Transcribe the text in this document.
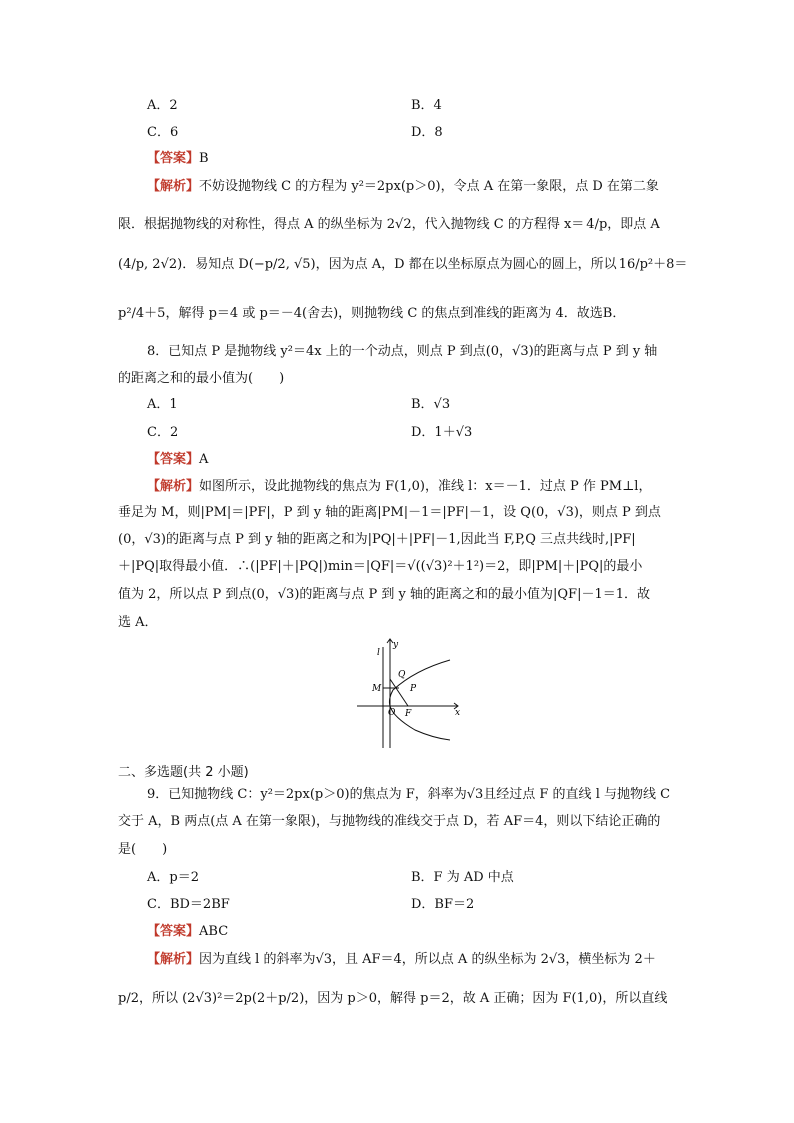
A．2	B．4
C．6	D．8
【答案】B
【解析】不妨设抛物线 C 的方程为 y²＝2px(p＞0)，令点 A 在第一象限，点 D 在第二象
限．根据抛物线的对称性，得点 A 的纵坐标为 2√2，代入抛物线 C 的方程得 x＝ 4/p，即点 A
(4/p, 2√2)．易知点 D(−p/2, √5)，因为点 A，D 都在以坐标原点为圆心的圆上，所以 16/p²＋8＝
p²/4＋5，解得 p＝4 或 p＝－4(舍去)，则抛物线 C 的焦点到准线的距离为 4．故选B．
8．已知点 P 是抛物线 y²＝4x 上的一个动点，则点 P 到点(0，√3)的距离与点 P 到 y 轴
的距离之和的最小值为(　　)
A．1	B．√3
C．2	D．1＋√3
【答案】A
【解析】如图所示，设此抛物线的焦点为 F(1,0)，准线 l：x＝－1．过点 P 作 PM⊥l，
垂足为 M，则|PM|＝|PF|，P 到 y 轴的距离|PM|－1＝|PF|－1，设 Q(0，√3)，则点 P 到点
(0，√3)的距离与点 P 到 y 轴的距离之和为|PQ|＋|PF|－1,因此当 F,P,Q 三点共线时,|PF|
＋|PQ|取得最小值．∴(|PF|＋|PQ|)min＝|QF|＝√((√3)²＋1²)＝2，即|PM|＋|PQ|的最小
值为 2，所以点 P 到点(0，√3)的距离与点 P 到 y 轴的距离之和的最小值为|QF|－1＝1．故
选 A．
l
y
Q
M	P
O F	x
二、多选题(共 2 小题)
9．已知抛物线 C：y²＝2px(p＞0)的焦点为 F，斜率为√3且经过点 F 的直线 l 与抛物线 C
交于 A，B 两点(点 A 在第一象限)，与抛物线的准线交于点 D，若 AF＝4，则以下结论正确的
是(　　)
A．p＝2	B．F 为 AD 中点
C．BD＝2BF	D．BF＝2
【答案】ABC
【解析】因为直线 l 的斜率为√3，且 AF＝4，所以点 A 的纵坐标为 2√3，横坐标为 2＋
p/2，所以 (2√3)²＝2p(2＋p/2)，因为 p＞0，解得 p＝2，故 A 正确；因为 F(1,0)，所以直线
